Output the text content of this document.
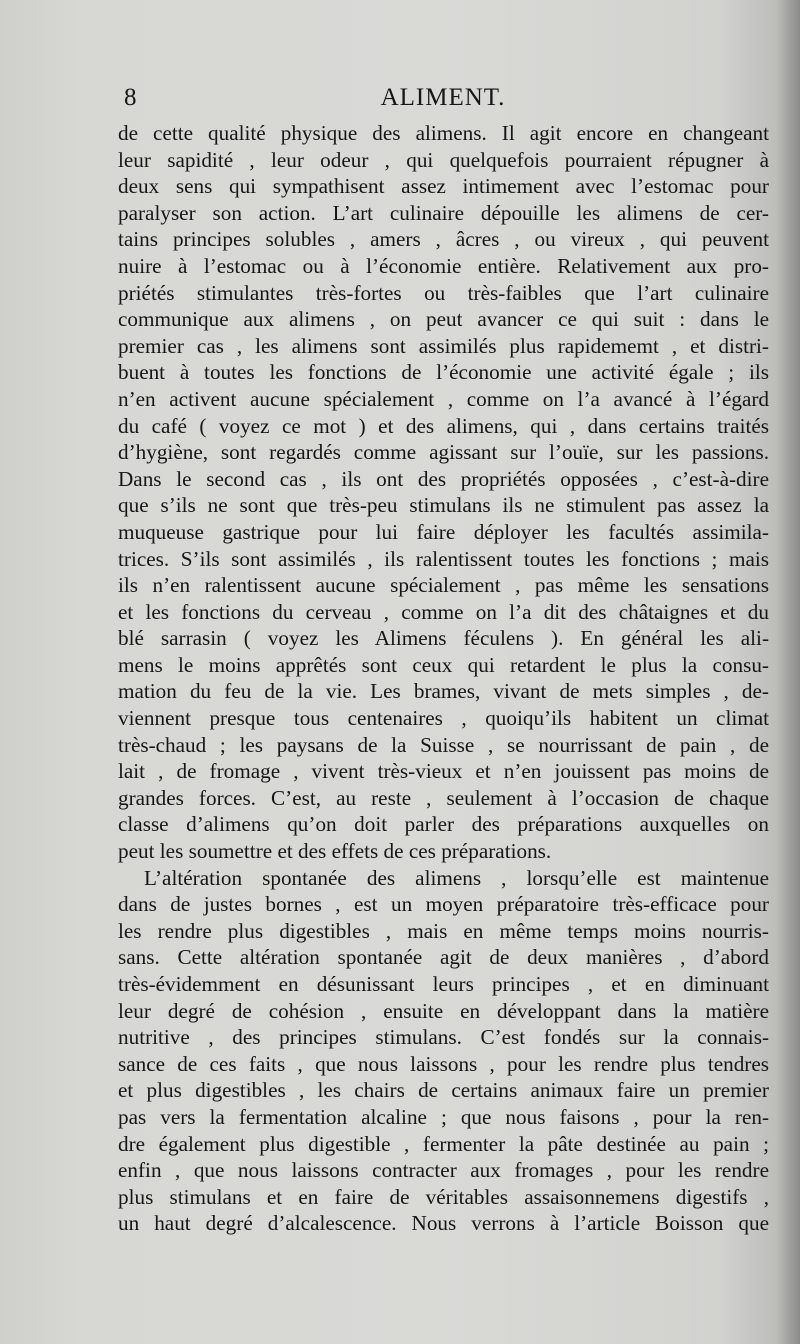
8	ALIMENT.
de cette qualité physique des alimens. Il agit encore en changeant
leur sapidité , leur odeur , qui quelquefois pourraient répugner à
deux sens qui sympathisent assez intimement avec l’estomac pour
paralyser son action. L’art culinaire dépouille les alimens de cer-
tains principes solubles , amers , âcres , ou vireux , qui peuvent
nuire à l’estomac ou à l’économie entière. Relativement aux pro-
priétés stimulantes très-fortes ou très-faibles que l’art culinaire
communique aux alimens , on peut avancer ce qui suit : dans le
premier cas , les alimens sont assimilés plus rapidememt , et distri-
buent à toutes les fonctions de l’économie une activité égale ; ils
n’en activent aucune spécialement , comme on l’a avancé à l’égard
du café ( voyez ce mot ) et des alimens, qui , dans certains traités
d’hygiène, sont regardés comme agissant sur l’ouïe, sur les passions.
Dans le second cas , ils ont des propriétés opposées , c’est-à-dire
que s’ils ne sont que très-peu stimulans ils ne stimulent pas assez la
muqueuse gastrique pour lui faire déployer les facultés assimila-
trices. S’ils sont assimilés , ils ralentissent toutes les fonctions ; mais
ils n’en ralentissent aucune spécialement , pas même les sensations
et les fonctions du cerveau , comme on l’a dit des châtaignes et du
blé sarrasin ( voyez les Alimens féculens ). En général les ali-
mens le moins apprêtés sont ceux qui retardent le plus la consu-
mation du feu de la vie. Les brames, vivant de mets simples , de-
viennent presque tous centenaires , quoiqu’ils habitent un climat
très-chaud ; les paysans de la Suisse , se nourrissant de pain , de
lait , de fromage , vivent très-vieux et n’en jouissent pas moins de
grandes forces. C’est, au reste , seulement à l’occasion de chaque
classe d’alimens qu’on doit parler des préparations auxquelles on
peut les soumettre et des effets de ces préparations.
L’altération spontanée des alimens , lorsqu’elle est maintenue
dans de justes bornes , est un moyen préparatoire très-efficace pour
les rendre plus digestibles , mais en même temps moins nourris-
sans. Cette altération spontanée agit de deux manières , d’abord
très-évidemment en désunissant leurs principes , et en diminuant
leur degré de cohésion , ensuite en développant dans la matière
nutritive , des principes stimulans. C’est fondés sur la connais-
sance de ces faits , que nous laissons , pour les rendre plus tendres
et plus digestibles , les chairs de certains animaux faire un premier
pas vers la fermentation alcaline ; que nous faisons , pour la ren-
dre également plus digestible , fermenter la pâte destinée au pain ;
enfin , que nous laissons contracter aux fromages , pour les rendre
plus stimulans et en faire de véritables assaisonnemens digestifs ,
un haut degré d’alcalescence. Nous verrons à l’article Boisson que
